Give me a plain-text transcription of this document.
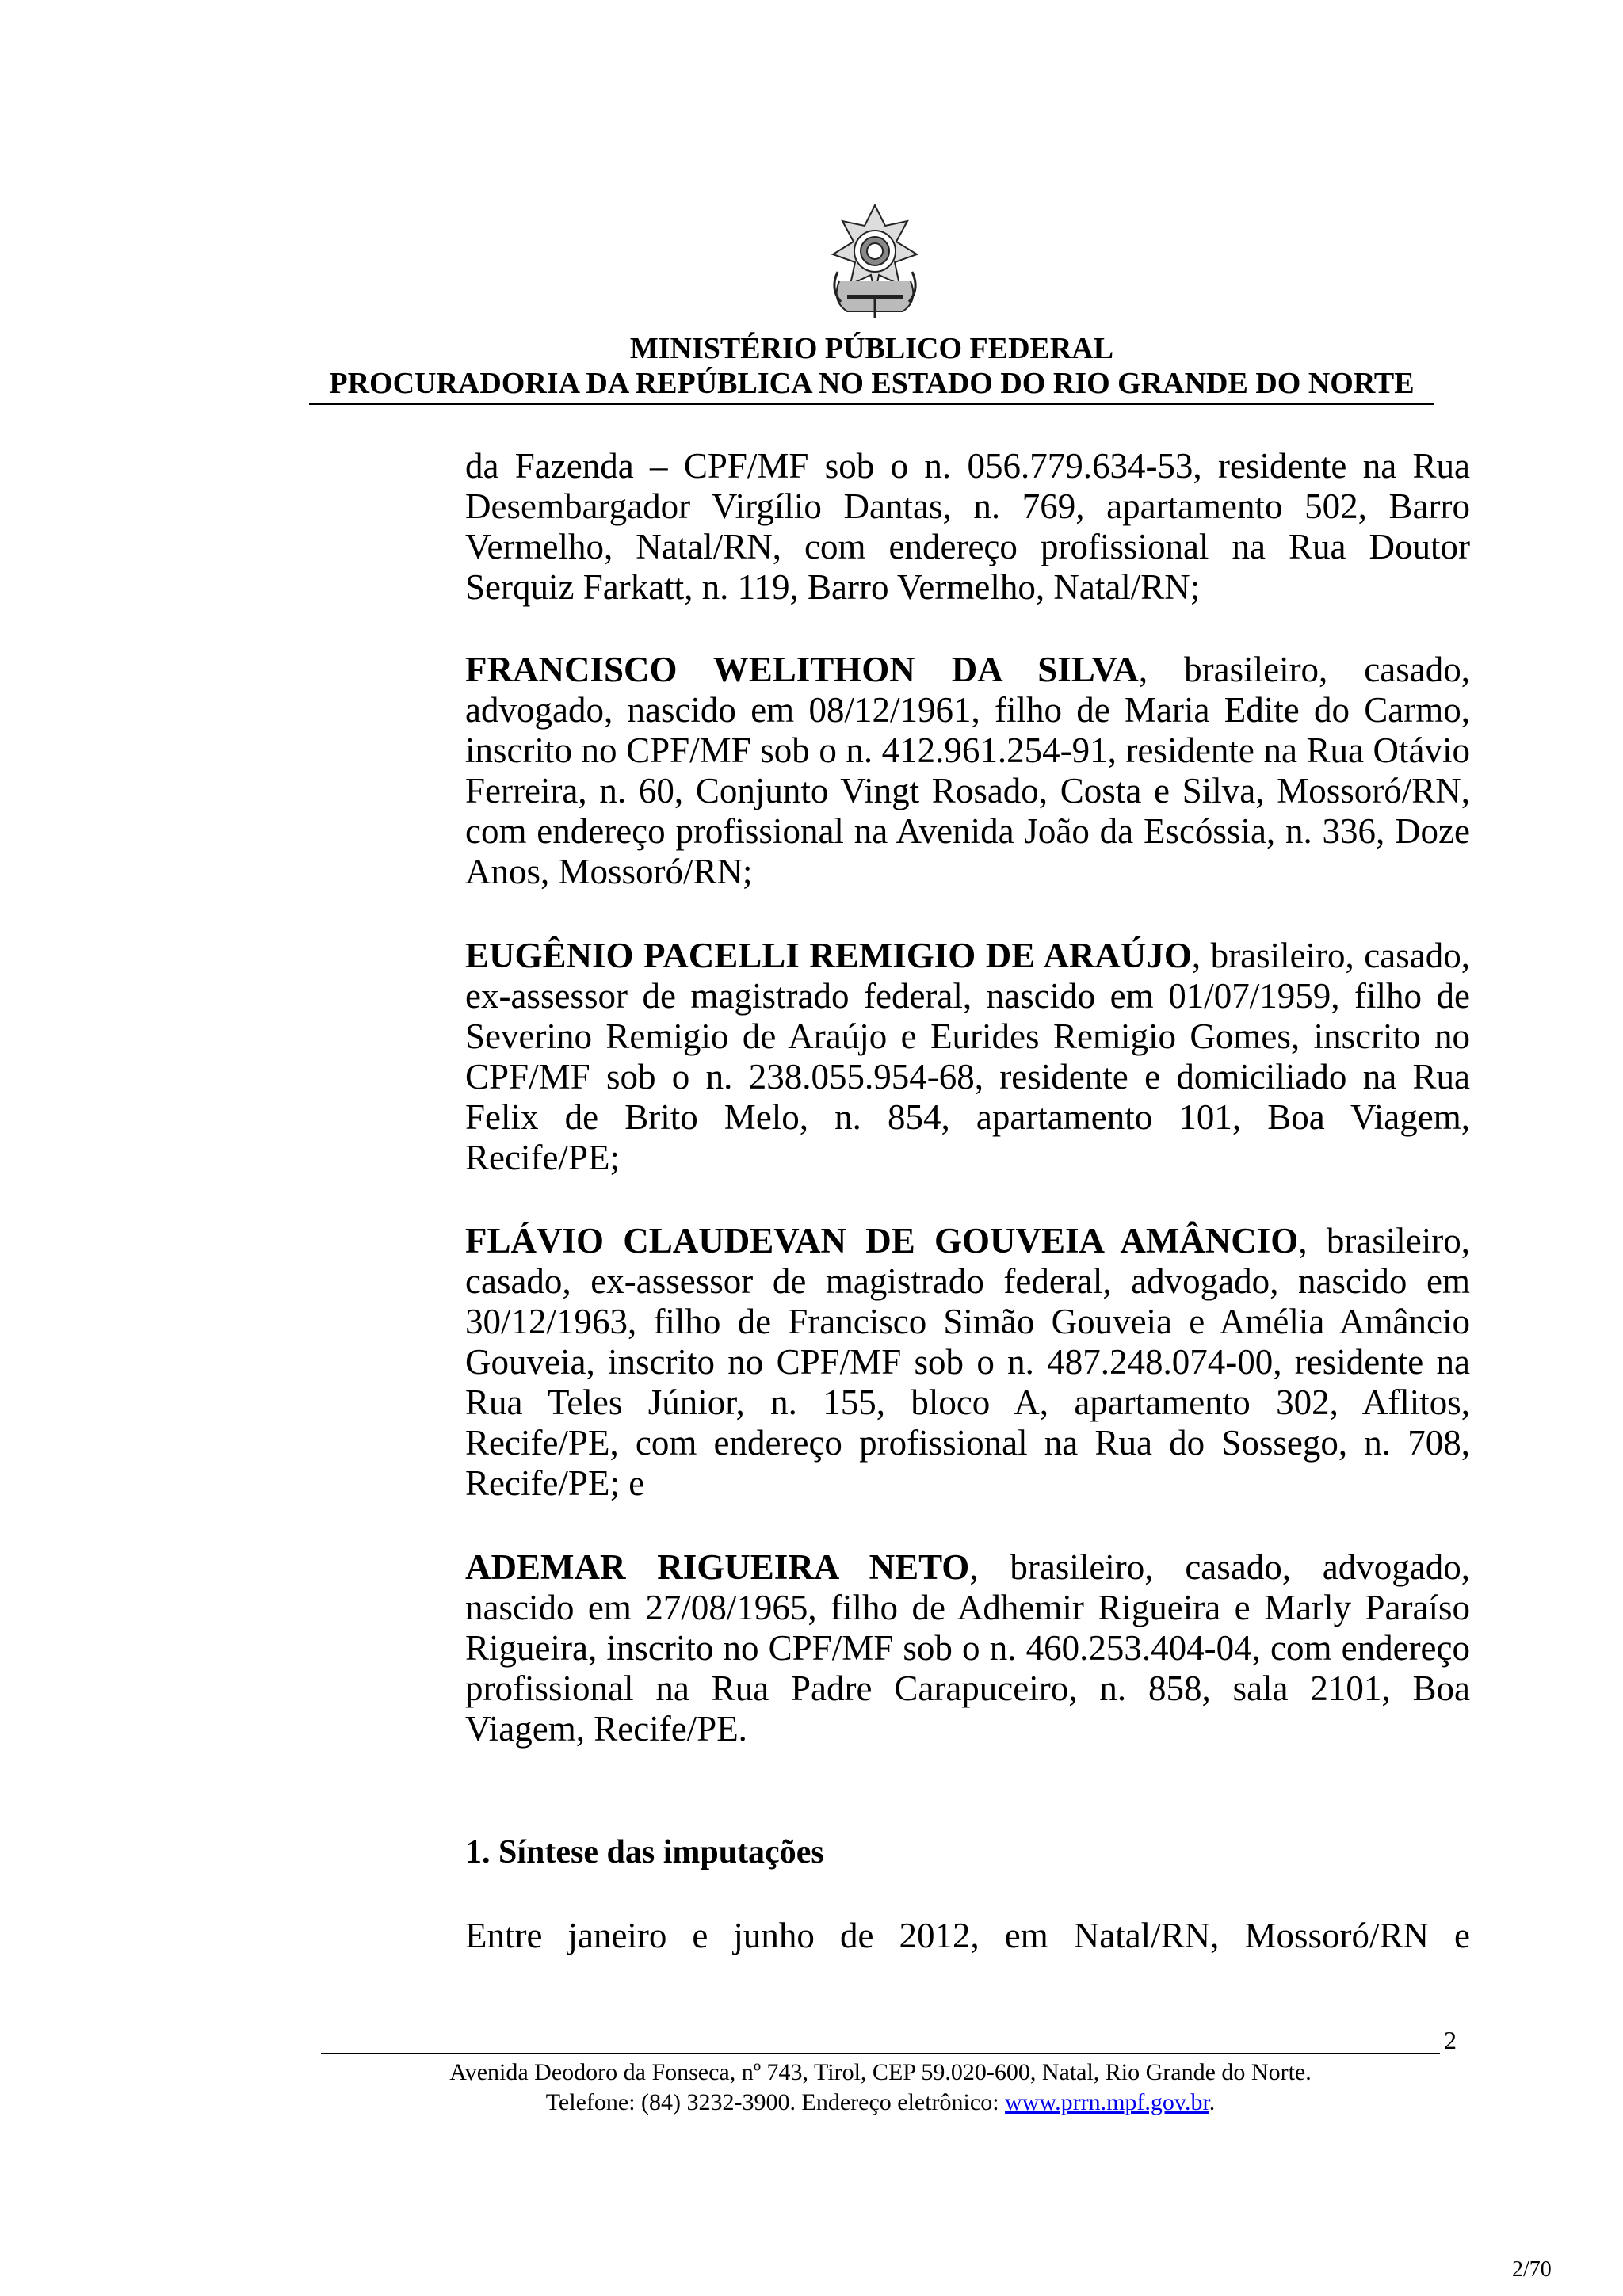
MINISTÉRIO PÚBLICO FEDERAL
PROCURADORIA DA REPÚBLICA NO ESTADO DO RIO GRANDE DO NORTE
da Fazenda – CPF/MF sob o n. 056.779.634-53, residente na Rua Desembargador Virgílio Dantas, n. 769, apartamento 502, Barro Vermelho, Natal/RN, com endereço profissional na Rua Doutor Serquiz Farkatt, n. 119, Barro Vermelho, Natal/RN;
FRANCISCO WELITHON DA SILVA, brasileiro, casado, advogado, nascido em 08/12/1961, filho de Maria Edite do Carmo, inscrito no CPF/MF sob o n. 412.961.254-91, residente na Rua Otávio Ferreira, n. 60, Conjunto Vingt Rosado, Costa e Silva, Mossoró/RN, com endereço profissional na Avenida João da Escóssia, n. 336, Doze Anos, Mossoró/RN;
EUGÊNIO PACELLI REMIGIO DE ARAÚJO, brasileiro, casado, ex-assessor de magistrado federal, nascido em 01/07/1959, filho de Severino Remigio de Araújo e Eurides Remigio Gomes, inscrito no CPF/MF sob o n. 238.055.954-68, residente e domiciliado na Rua Felix de Brito Melo, n. 854, apartamento 101, Boa Viagem, Recife/PE;
FLÁVIO CLAUDEVAN DE GOUVEIA AMÂNCIO, brasileiro, casado, ex-assessor de magistrado federal, advogado, nascido em 30/12/1963, filho de Francisco Simão Gouveia e Amélia Amâncio Gouveia, inscrito no CPF/MF sob o n. 487.248.074-00, residente na Rua Teles Júnior, n. 155, bloco A, apartamento 302, Aflitos, Recife/PE, com endereço profissional na Rua do Sossego, n. 708, Recife/PE; e
ADEMAR RIGUEIRA NETO, brasileiro, casado, advogado, nascido em 27/08/1965, filho de Adhemir Rigueira e Marly Paraíso Rigueira, inscrito no CPF/MF sob o n. 460.253.404-04, com endereço profissional na Rua Padre Carapuceiro, n. 858, sala 2101, Boa Viagem, Recife/PE.
1. Síntese das imputações
Entre janeiro e junho de 2012, em Natal/RN, Mossoró/RN e
2
Avenida Deodoro da Fonseca, nº 743, Tirol, CEP 59.020-600, Natal, Rio Grande do Norte.
Telefone: (84) 3232-3900. Endereço eletrônico: www.prrn.mpf.gov.br.
2/70
